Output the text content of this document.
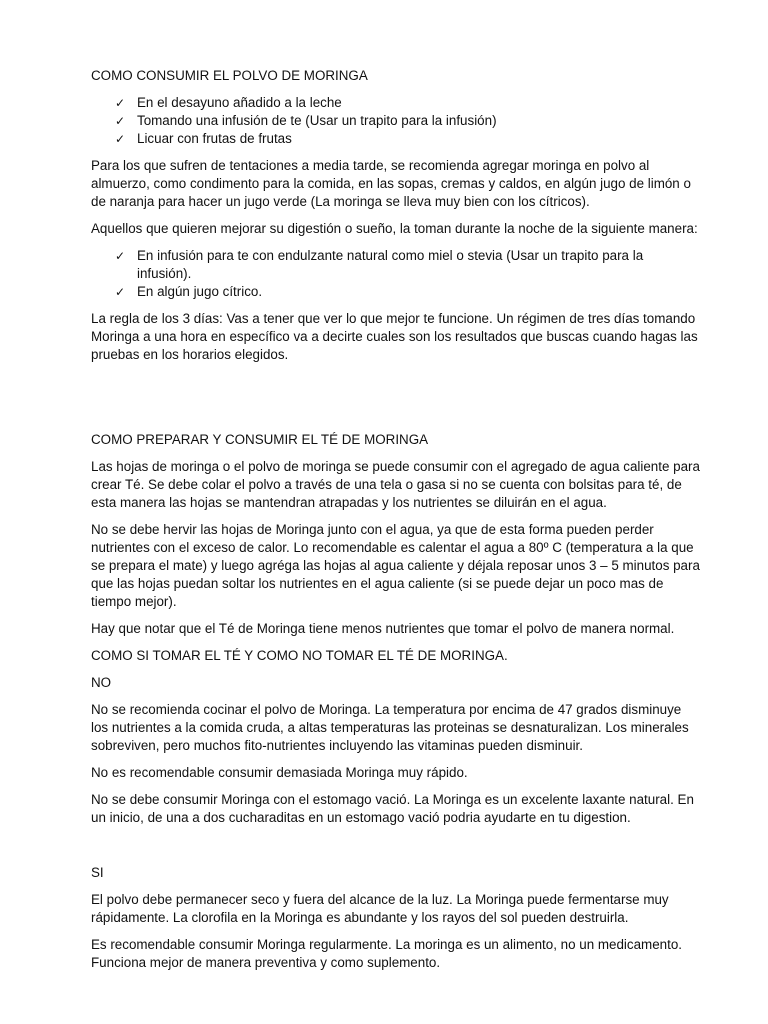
COMO CONSUMIR EL POLVO DE MORINGA
✓ En el desayuno añadido a la leche
✓ Tomando una infusión de te (Usar un trapito para la infusión)
✓ Licuar con frutas de frutas

Para los que sufren de tentaciones a media tarde, se recomienda agregar moringa en polvo al almuerzo, como condimento para la comida, en las sopas, cremas y caldos, en algún jugo de limón o de naranja para hacer un jugo verde (La moringa se lleva muy bien con los cítricos).

Aquellos que quieren mejorar su digestión o sueño, la toman durante la noche de la siguiente manera:

✓ En infusión para te con endulzante natural como miel o stevia (Usar un trapito para la infusión).
✓ En algún jugo cítrico.

La regla de los 3 días: Vas a tener que ver lo que mejor te funcione. Un régimen de tres días tomando Moringa a una hora en específico va a decirte cuales son los resultados que buscas cuando hagas las pruebas en los horarios elegidos.

COMO PREPARAR Y CONSUMIR EL TÉ DE MORINGA

Las hojas de moringa o el polvo de moringa se puede consumir con el agregado de agua caliente para crear Té. Se debe colar el polvo a través de una tela o gasa si no se cuenta con bolsitas para té, de esta manera las hojas se mantendran atrapadas y los nutrientes se diluirán en el agua.

No se debe hervir las hojas de Moringa junto con el agua, ya que de esta forma pueden perder nutrientes con el exceso de calor. Lo recomendable es calentar el agua a 80º C (temperatura a la que se prepara el mate) y luego agréga las hojas al agua caliente y déjala reposar unos 3 – 5 minutos para que las hojas puedan soltar los nutrientes en el agua caliente (si se puede dejar un poco mas de tiempo mejor).

Hay que notar que el Té de Moringa tiene menos nutrientes que tomar el polvo de manera normal.

COMO SI TOMAR EL TÉ Y COMO NO TOMAR EL TÉ DE MORINGA.

NO

No se recomienda cocinar el polvo de Moringa. La temperatura por encima de 47 grados disminuye los nutrientes a la comida cruda, a altas temperaturas las proteinas se desnaturalizan. Los minerales sobreviven, pero muchos fito-nutrientes incluyendo las vitaminas pueden disminuir.

No es recomendable consumir demasiada Moringa muy rápido.

No se debe consumir Moringa con el estomago vació. La Moringa es un excelente laxante natural. En un inicio, de una a dos cucharaditas en un estomago vació podria ayudarte en tu digestion.

SI

El polvo debe permanecer seco y fuera del alcance de la luz. La Moringa puede fermentarse muy rápidamente. La clorofila en la Moringa es abundante y los rayos del sol pueden destruirla.

Es recomendable consumir Moringa regularmente. La moringa es un alimento, no un medicamento. Funciona mejor de manera preventiva y como suplemento.
